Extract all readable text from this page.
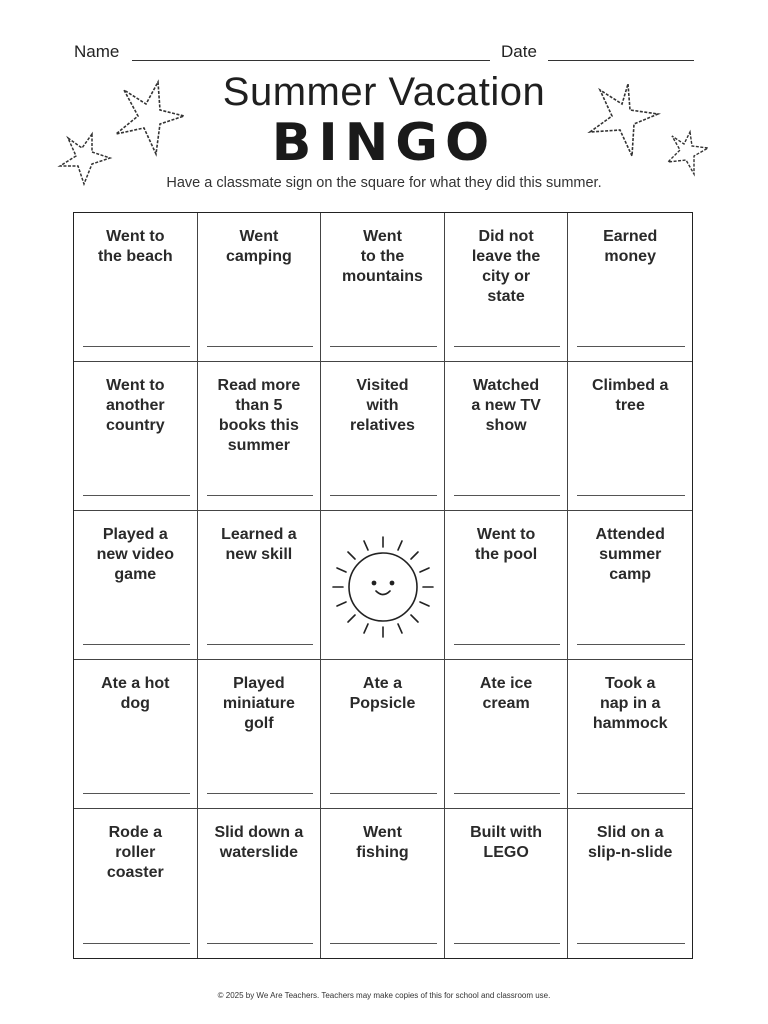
Name	Date
Summer Vacation
BINGO
Have a classmate sign on the square for what they did this summer.
Went to
the beach
Went
camping
Went
to the
mountains
Did not
leave the
city or
state
Earned
money
Went to
another
country
Read more
than 5
books this
summer
Visited
with
relatives
Watched
a new TV
show
Climbed a
tree
Played a
new video
game
Learned a
new skill
Went to
the pool
Attended
summer
camp
Ate a hot
dog
Played
miniature
golf
Ate a
Popsicle
Ate ice
cream
Took a
nap in a
hammock
Rode a
roller
coaster
Slid down a
waterslide
Went
fishing
Built with
LEGO
Slid on a
slip-n-slide
© 2025 by We Are Teachers. Teachers may make copies of this for school and classroom use.
